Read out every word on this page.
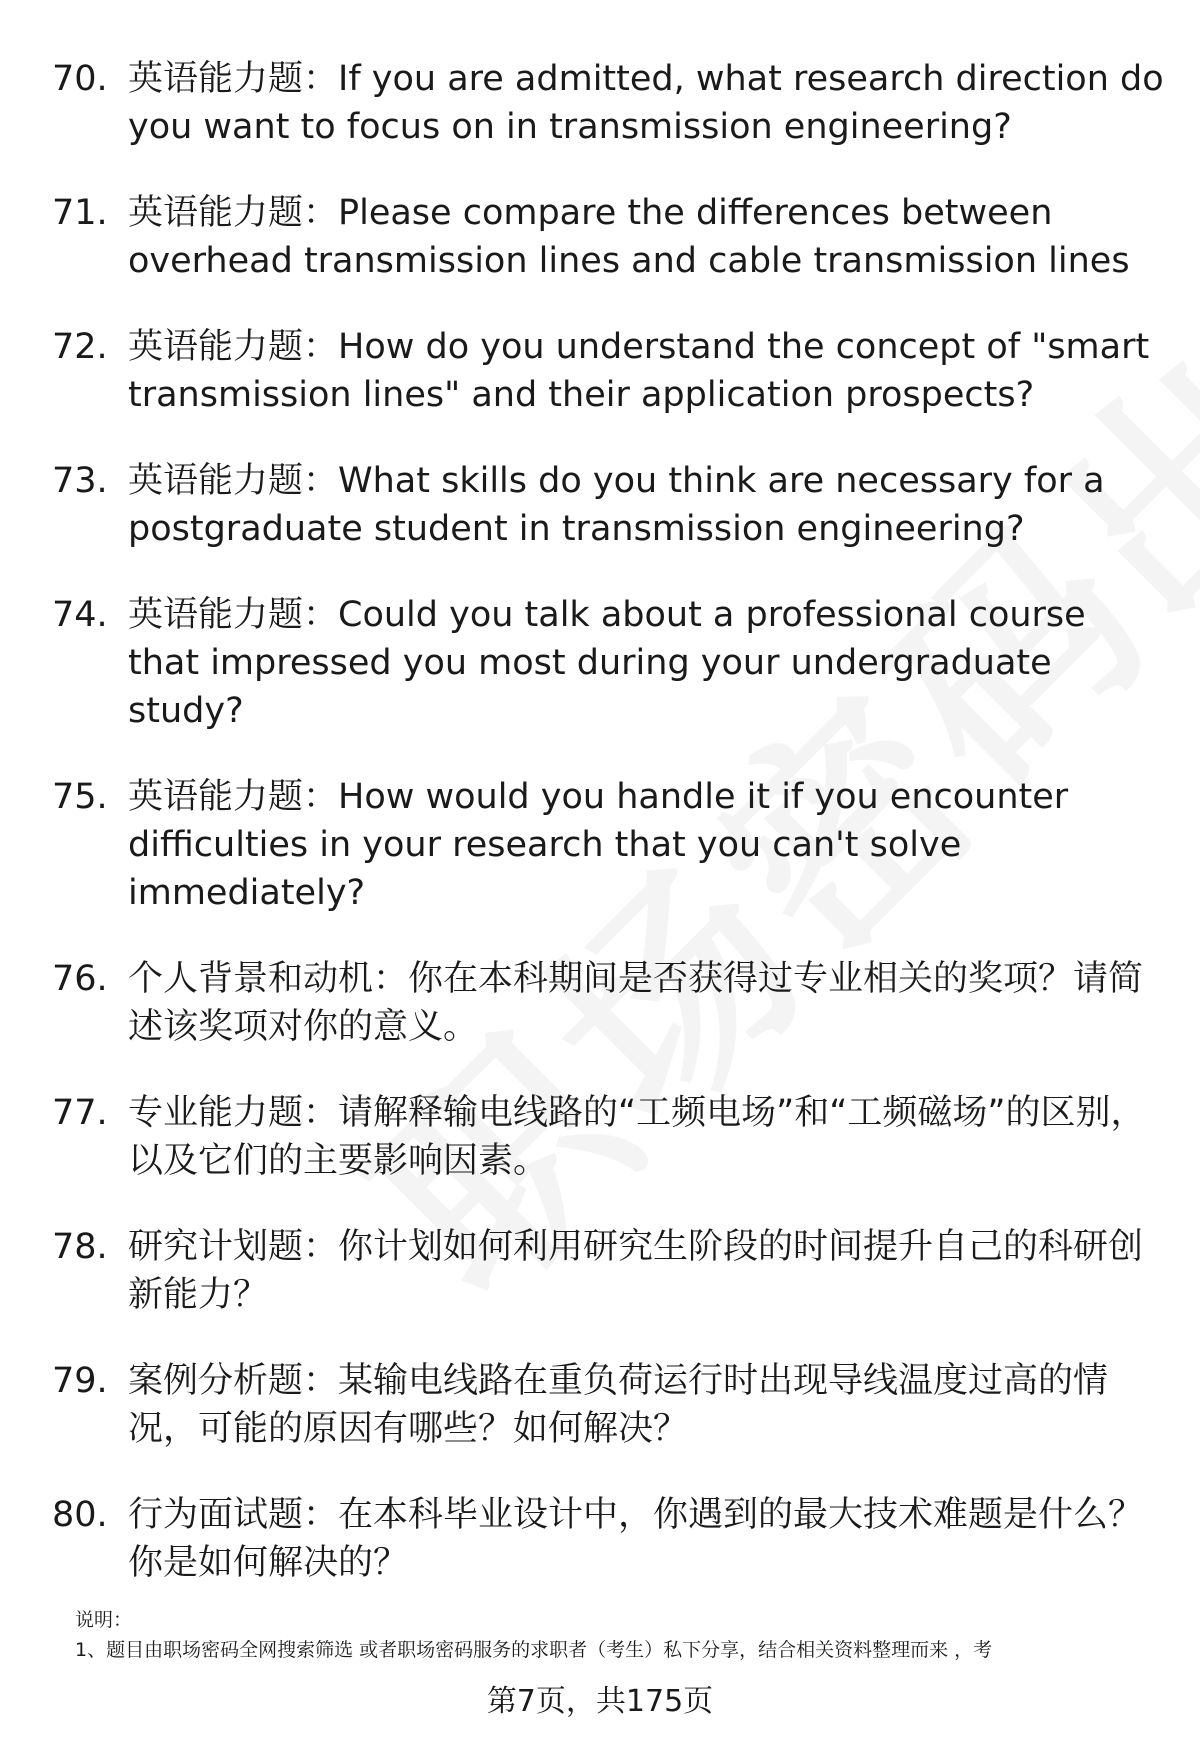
70. 英语能力题：If you are admitted, what research direction do you want to focus on in transmission engineering?
71. 英语能力题：Please compare the differences between overhead transmission lines and cable transmission lines
72. 英语能力题：How do you understand the concept of "smart transmission lines" and their application prospects?
73. 英语能力题：What skills do you think are necessary for a postgraduate student in transmission engineering?
74. 英语能力题：Could you talk about a professional course that impressed you most during your undergraduate study?
75. 英语能力题：How would you handle it if you encounter difficulties in your research that you can't solve immediately?
76. 个人背景和动机：你在本科期间是否获得过专业相关的奖项？请简述该奖项对你的意义。
77. 专业能力题：请解释输电线路的“工频电场”和“工频磁场”的区别，以及它们的主要影响因素。
78. 研究计划题：你计划如何利用研究生阶段的时间提升自己的科研创新能力？
79. 案例分析题：某输电线路在重负荷运行时出现导线温度过高的情况，可能的原因有哪些？如何解决？
80. 行为面试题：在本科毕业设计中，你遇到的最大技术难题是什么？你是如何解决的？
说明：
1、题目由职场密码全网搜索筛选 或者职场密码服务的求职者（考生）私下分享，结合相关资料整理而来 ，考
第7页，共175页
